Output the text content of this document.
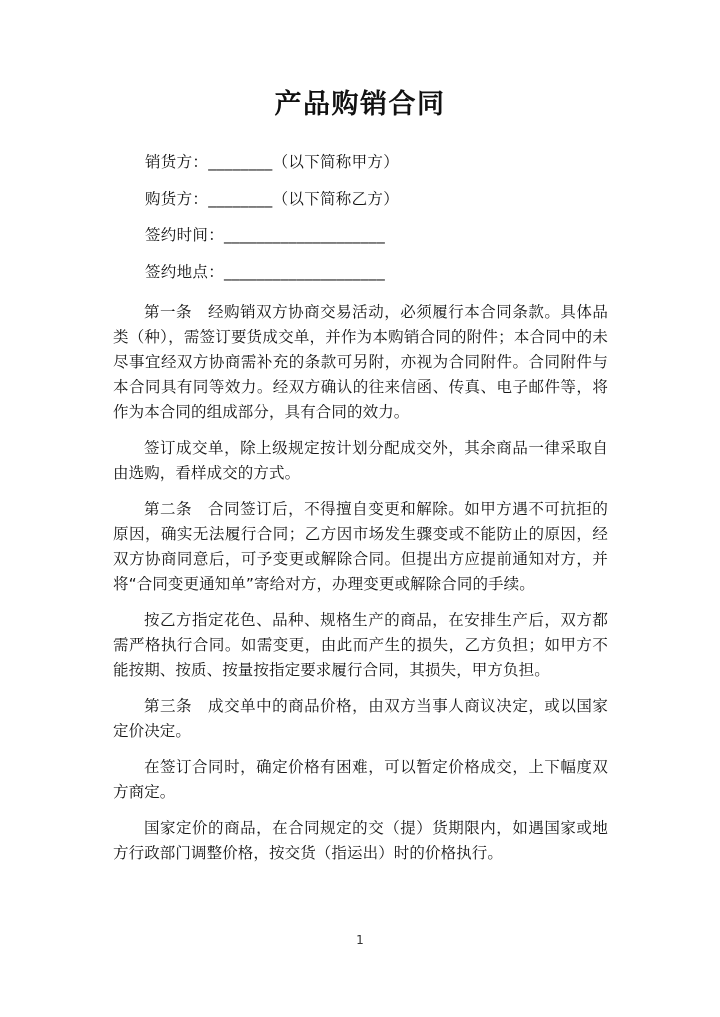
产品购销合同
销货方：________（以下简称甲方）
购货方：________（以下简称乙方）
签约时间：____________________
签约地点：____________________

第一条　经购销双方协商交易活动，必须履行本合同条款。具体品类（种），需签订要货成交单，并作为本购销合同的附件；本合同中的未尽事宜经双方协商需补充的条款可另附，亦视为合同附件。合同附件与本合同具有同等效力。经双方确认的往来信函、传真、电子邮件等，将作为本合同的组成部分，具有合同的效力。

签订成交单，除上级规定按计划分配成交外，其余商品一律采取自由选购，看样成交的方式。

第二条　合同签订后，不得擅自变更和解除。如甲方遇不可抗拒的原因，确实无法履行合同；乙方因市场发生骤变或不能防止的原因，经双方协商同意后，可予变更或解除合同。但提出方应提前通知对方，并将“合同变更通知单”寄给对方，办理变更或解除合同的手续。

按乙方指定花色、品种、规格生产的商品，在安排生产后，双方都需严格执行合同。如需变更，由此而产生的损失，乙方负担；如甲方不能按期、按质、按量按指定要求履行合同，其损失，甲方负担。

第三条　成交单中的商品价格，由双方当事人商议决定，或以国家定价决定。

在签订合同时，确定价格有困难，可以暂定价格成交，上下幅度双方商定。

国家定价的商品，在合同规定的交（提）货期限内，如遇国家或地方行政部门调整价格，按交货（指运出）时的价格执行。

1
